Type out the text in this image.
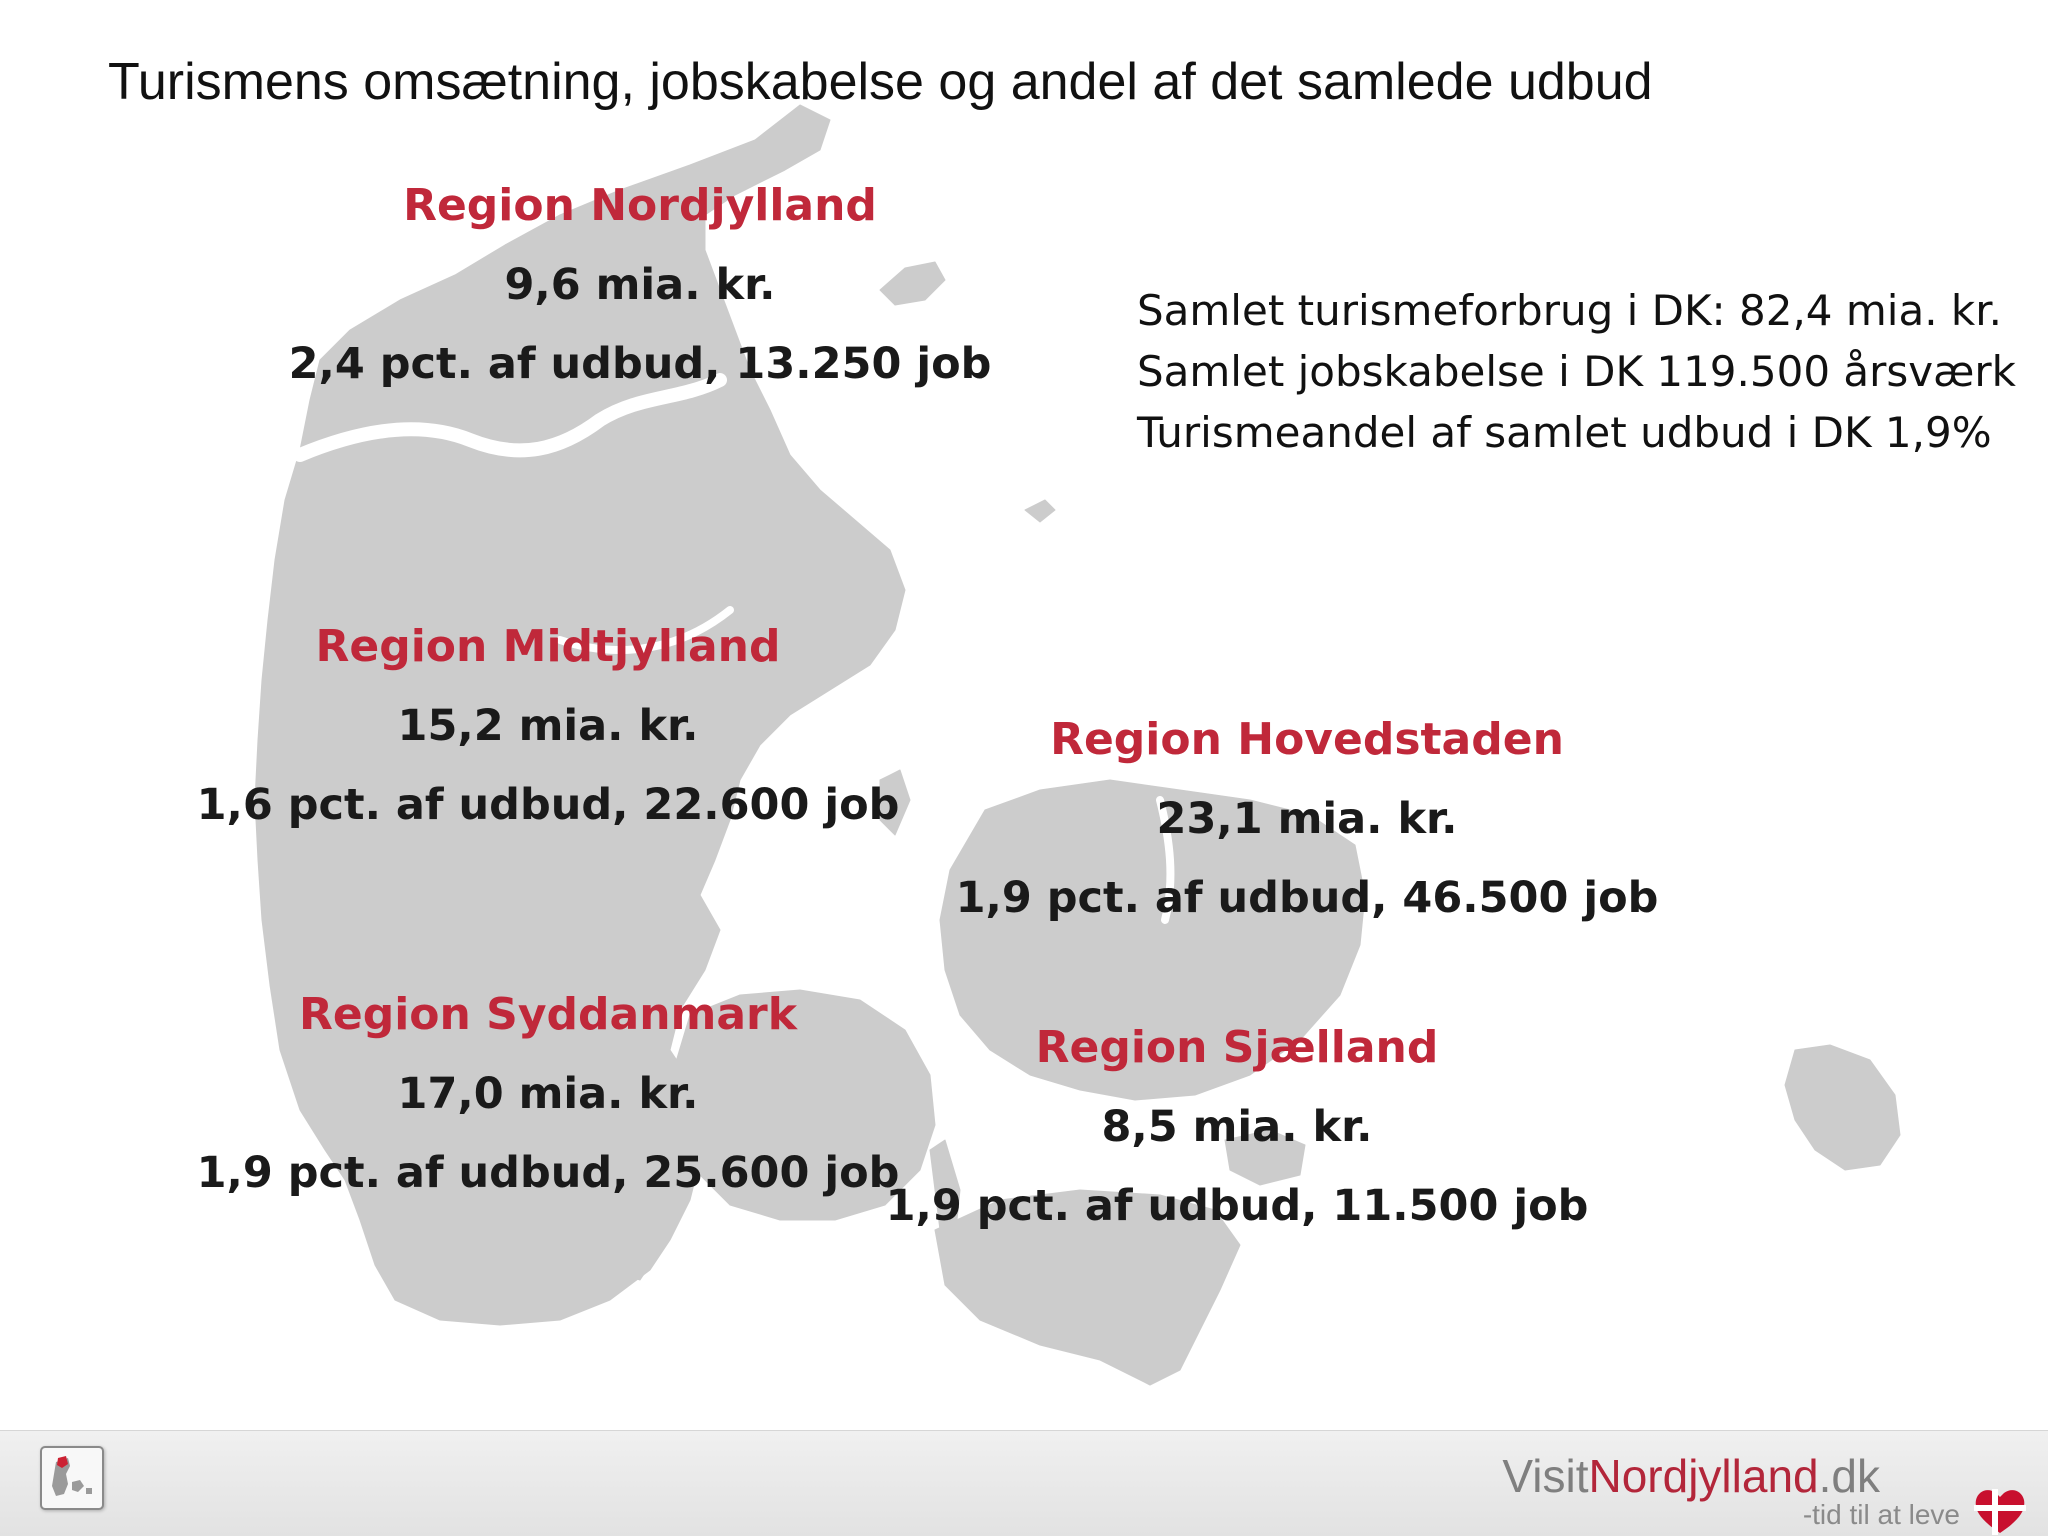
Turismens omsætning, jobskabelse og andel af det samlede udbud
Region Nordjylland
9,6 mia. kr.
2,4 pct. af udbud, 13.250 job
Region Midtjylland
15,2 mia. kr.
1,6 pct. af udbud, 22.600 job
Region Syddanmark
17,0 mia. kr.
1,9 pct. af udbud, 25.600 job
Region Hovedstaden
23,1 mia. kr.
1,9 pct. af udbud, 46.500 job
Region Sjælland
8,5 mia. kr.
1,9 pct. af udbud, 11.500 job
Samlet turismeforbrug i DK: 82,4 mia. kr.
Samlet jobskabelse i DK 119.500 årsværk
Turismeandel af samlet udbud i DK 1,9%
VisitNordjylland.dk
-tid til at leve
